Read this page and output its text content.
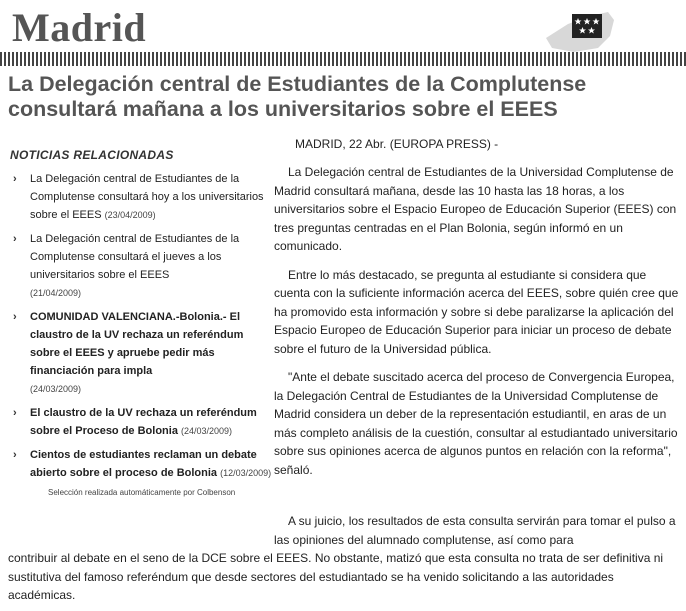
Madrid
La Delegación central de Estudiantes de la Complutense consultará mañana a los universitarios sobre el EEES
NOTICIAS RELACIONADAS
› La Delegación central de Estudiantes de la Complutense consultará hoy a los universitarios sobre el EEES (23/04/2009)
› La Delegación central de Estudiantes de la Complutense consultará el jueves a los universitarios sobre el EEES
(21/04/2009)
› COMUNIDAD VALENCIANA.-Bolonia.- El claustro de la UV rechaza un referéndum sobre el EEES y apruebe pedir más financiación para impla
(24/03/2009)
› El claustro de la UV rechaza un referéndum sobre el Proceso de Bolonia (24/03/2009)
› Cientos de estudiantes reclaman un debate abierto sobre el proceso de Bolonia (12/03/2009)
Selección realizada automáticamente por Colbenson
MADRID, 22 Abr. (EUROPA PRESS) -

La Delegación central de Estudiantes de la Universidad Complutense de Madrid consultará mañana, desde las 10 hasta las 18 horas, a los universitarios sobre el Espacio Europeo de Educación Superior (EEES) con tres preguntas centradas en el Plan Bolonia, según informó en un comunicado.

Entre lo más destacado, se pregunta al estudiante si considera que cuenta con la suficiente información acerca del EEES, sobre quién cree que ha promovido esta información y sobre si debe paralizarse la aplicación del Espacio Europeo de Educación Superior para iniciar un proceso de debate sobre el futuro de la Universidad pública.

"Ante el debate suscitado acerca del proceso de Convergencia Europea, la Delegación Central de Estudiantes de la Universidad Complutense de Madrid considera un deber de la representación estudiantil, en aras de un más completo análisis de la cuestión, consultar al estudiantado universitario sobre sus opiniones acerca de algunos puntos en relación con la reforma", señaló.

A su juicio, los resultados de esta consulta servirán para tomar el pulso a las opiniones del alumnado complutense, así como para

contribuir al debate en el seno de la DCE sobre el EEES. No obstante, matizó que esta consulta no trata de ser definitiva ni sustitutiva del famoso referéndum que desde sectores del estudiantado se ha venido solicitando a las autoridades académicas.
